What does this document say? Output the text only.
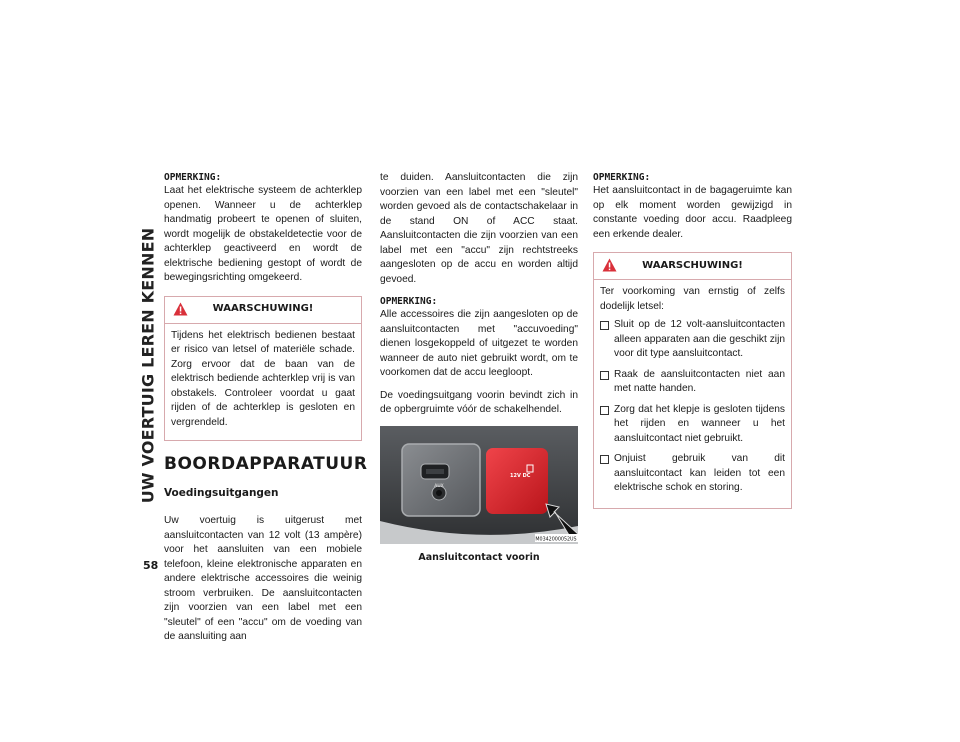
UW VOERTUIG LEREN KENNEN
58

OPMERKING:
Laat het elektrische systeem de achterklep openen. Wanneer u de achterklep handmatig probeert te openen of sluiten, wordt mogelijk de obstakeldetectie voor de achterklep geactiveerd en wordt de elektrische bediening gestopt of wordt de bewegingsrichting omgekeerd.

WAARSCHUWING!

Tijdens het elektrisch bedienen bestaat er risico van letsel of materiële schade. Zorg ervoor dat de baan van de elektrisch bediende achterklep vrij is van obstakels. Controleer voordat u gaat rijden of de achterklep is gesloten en vergrendeld.

BOORDAPPARATUUR
Voedingsuitgangen

Uw voertuig is uitgerust met aansluitcontacten van 12 volt (13 ampère) voor het aansluiten van een mobiele telefoon, kleine elektronische apparaten en andere elektrische accessoires die weinig stroom verbruiken. De aansluitcontacten zijn voorzien van een label met een "sleutel" of een "accu" om de voeding van de aansluiting aan

te duiden. Aansluitcontacten die zijn voorzien van een label met een "sleutel" worden gevoed als de contactschakelaar in de stand ON of ACC staat. Aansluitcontacten die zijn voorzien van een label met een "accu" zijn rechtstreeks aangesloten op de accu en worden altijd gevoed.

OPMERKING:
Alle accessoires die zijn aangesloten op de aansluitcontacten met "accuvoeding" dienen losgekoppeld of uitgezet te worden wanneer de auto niet gebruikt wordt, om te voorkomen dat de accu leegloopt.

De voedingsuitgang voorin bevindt zich in de opbergruimte vóór de schakelhendel.

AUX
12V DC
M0342000052US
Aansluitcontact voorin

OPMERKING:
Het aansluitcontact in de bagageruimte kan op elk moment worden gewijzigd in constante voeding door accu. Raadpleeg een erkende dealer.

WAARSCHUWING!

Ter voorkoming van ernstig of zelfs dodelijk letsel:

Sluit op de 12 volt-aansluitcontacten alleen apparaten aan die geschikt zijn voor dit type aansluitcontact.
Raak de aansluitcontacten niet aan met natte handen.
Zorg dat het klepje is gesloten tijdens het rijden en wanneer u het aansluitcontact niet gebruikt.
Onjuist gebruik van dit aansluitcontact kan leiden tot een elektrische schok en storing.
